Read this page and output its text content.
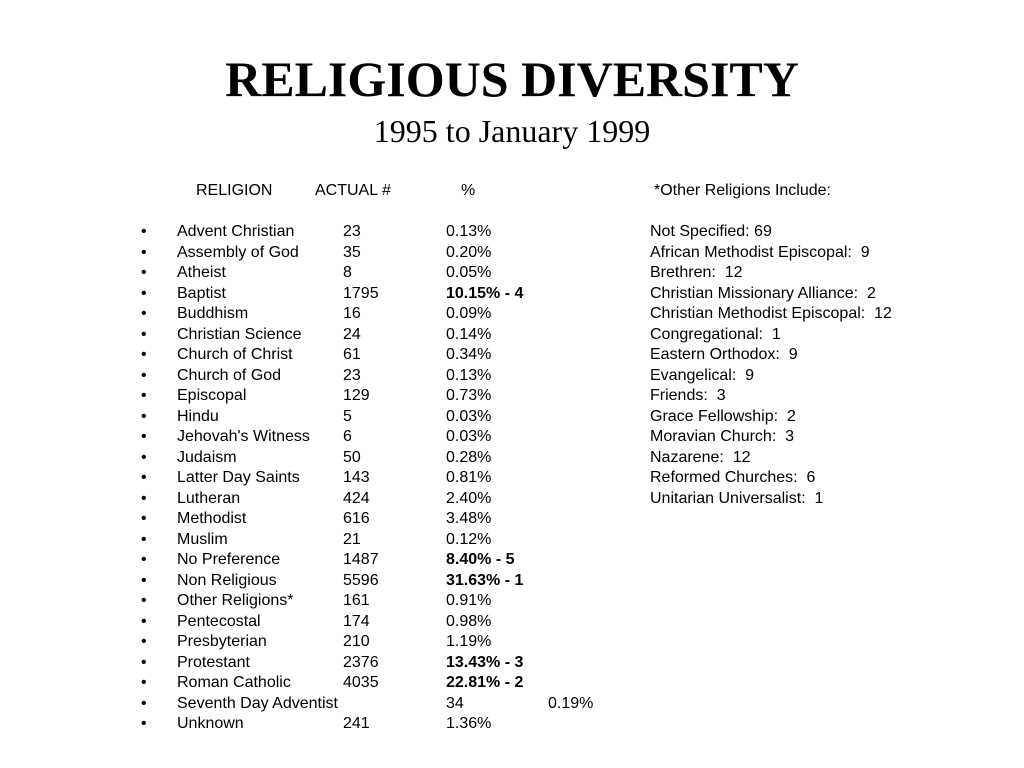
RELIGIOUS DIVERSITY
1995 to January 1999
RELIGION	ACTUAL #	%	*Other Religions Include:
• Advent Christian	23	0.13%
• Assembly of God	35	0.20%
• Atheist	8	0.05%
• Baptist	1795	10.15% - 4
• Buddhism	16	0.09%
• Christian Science	24	0.14%
• Church of Christ	61	0.34%
• Church of God	23	0.13%
• Episcopal	129	0.73%
• Hindu	5	0.03%
• Jehovah's Witness 6	0.03%
• Judaism	50	0.28%
• Latter Day Saints	143	0.81%
• Lutheran	424	2.40%
• Methodist	616	3.48%
• Muslim	21	0.12%
• No Preference	1487	8.40% - 5
• Non Religious	5596	31.63% - 1
• Other Religions*	161	0.91%
• Pentecostal	174	0.98%
• Presbyterian	210	1.19%
• Protestant	2376	13.43% - 3
• Roman Catholic	4035	22.81% - 2
• Seventh Day Adventist	34	0.19%
• Unknown	241	1.36%
Not Specified: 69
African Methodist Episcopal:  9
Brethren:  12
Christian Missionary Alliance:  2
Christian Methodist Episcopal:  12
Congregational:  1
Eastern Orthodox:  9
Evangelical:  9
Friends:  3
Grace Fellowship:  2
Moravian Church:  3
Nazarene:  12
Reformed Churches:  6
Unitarian Universalist:  1
